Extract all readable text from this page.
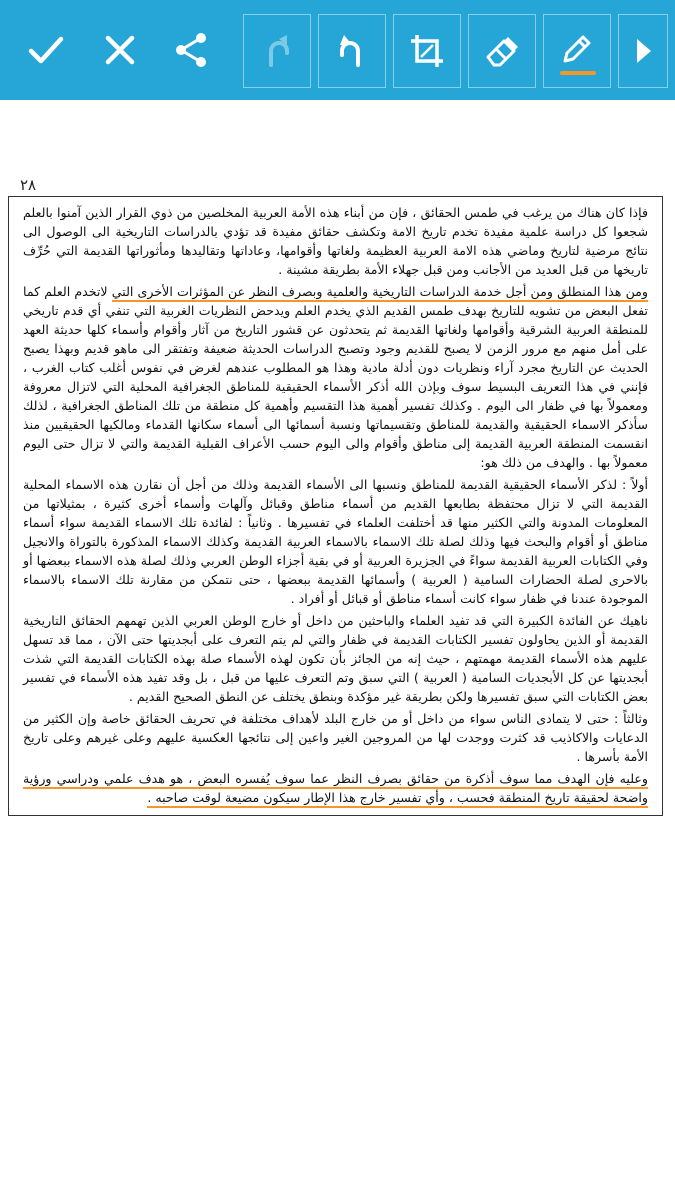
٢٨

فإذا كان هناك من يرغب في طمس الحقائق ، فإن من أبناء هذه الأمة العربية المخلصين من ذوي القرار الذين آمنوا بالعلم شجعوا كل دراسة علمية مفيدة تخدم تاريخ الامة وتكشف حقائق مفيدة قد تؤدي بالدراسات التاريخية الى الوصول الى نتائج مرضية لتاريخ وماضي هذه الامة العربية العظيمة ولغاتها وأقوامها، وعاداتها وتقاليدها ومأثوراتها القديمة التي حُرِّف تاريخها من قبل العديد من الأجانب ومن قبل جهلاء الأمة بطريقة مشينة .

ومن هذا المنطلق ومن أجل خدمة الدراسات التاريخية والعلمية وبصرف النظر عن المؤثرات الأخرى التي لاتخدم العلم كما تفعل البعض من تشويه للتاريخ بهدف طمس القديم الذي يخدم العلم ويدحض النظريات الغربية التي تنفي أي قدم تاريخي للمنطقة العربية الشرقية وأقوامها ولغاتها القديمة ثم يتحدثون عن قشور التاريخ من آثار وأقوام وأسماء كلها حديثة العهد على أمل منهم مع مرور الزمن لا يصبح للقديم وجود وتصبح الدراسات الحديثة ضعيفة وتفتقر الى ماهو قديم وبهذا يصبح الحديث عن التاريخ مجرد آراء ونظريات دون أدلة مادية وهذا هو المطلوب عندهم لغرض في نفوس أغلب كتاب الغرب ، فإنني في هذا التعريف البسيط سوف وبإذن الله أذكر الأسماء الحقيقية للمناطق الجغرافية المحلية التي لاتزال معروفة ومعمولاً بها في ظفار الى اليوم . وكذلك تفسير أهمية هذا التقسيم وأهمية كل منطقة من تلك المناطق الجغرافية ، لذلك سأذكر الاسماء الحقيقية والقديمة للمناطق وتقسيماتها ونسبة أسمائها الى أسماء سكانها القدماء ومالكيها الحقيقيين منذ انقسمت المنطقة العربية القديمة إلى مناطق وأقوام والى اليوم حسب الأعراف القبلية القديمة والتي لا تزال حتى اليوم معمولاً بها . والهدف من ذلك هو:

أولاً : لذكر الأسماء الحقيقية القديمة للمناطق ونسبها الى الأسماء القديمة وذلك من أجل أن نقارن هذه الاسماء المحلية القديمة التي لا تزال محتفظة بطابعها القديم من أسماء مناطق وقبائل وآلهات وأسماء أخرى كثيرة ، بمثيلاتها من المعلومات المدونة والتي الكثير منها قد أختلفت العلماء في تفسيرها . وثانياً : لفائدة تلك الاسماء القديمة سواء أسماء مناطق أو أقوام والبحث فيها وذلك لصلة تلك الاسماء بالاسماء العربية القديمة وكذلك الاسماء المذكورة بالتوراة والانجيل وفي الكتابات العربية القديمة سواءً في الجزيرة العربية أو في بقية أجزاء الوطن العربي وذلك لصلة هذه الاسماء ببعضها أو بالاحرى لصلة الحضارات السامية ( العربية ) وأسمائها القديمة ببعضها ، حتى نتمكن من مقارنة تلك الاسماء بالاسماء الموجودة عندنا في ظفار سواء كانت أسماء مناطق أو قبائل أو أفراد .

ناهيك عن الفائدة الكبيرة التي قد تفيد العلماء والباحثين من داخل أو خارج الوطن العربي الذين تهمهم الحقائق التاريخية القديمة أو الذين يحاولون تفسير الكتابات القديمة في ظفار والتي لم يتم التعرف على أبجديتها حتى الآن ، مما قد تسهل عليهم هذه الأسماء القديمة مهمتهم ، حيث إنه من الجائز بأن تكون لهذه الأسماء صلة بهذه الكتابات القديمة التي شذت أبجديتها عن كل الأبجديات السامية ( العربية ) التي سبق وتم التعرف عليها من قبل ، بل وقد تفيد هذه الأسماء في تفسير بعض الكتابات التي سبق تفسيرها ولكن بطريقة غير مؤكدة وبنطق يختلف عن النطق الصحيح القديم .

وثالثاً : حتى لا يتمادى الناس سواء من داخل أو من خارج البلد لأهداف مختلفة في تحريف الحقائق خاصة وإن الكثير من الدعايات والاكاذيب قد كثرت ووجدت لها من المروجين الغير واعين إلى نتائجها العكسية عليهم وعلى غيرهم وعلى تاريخ الأمة بأسرها .

وعليه فإن الهدف مما سوف أذكرة من حقائق بصرف النظر عما سوف يُفسره البعض ، هو هدف علمي ودراسي ورؤية واضحة لحقيقة تاريخ المنطقة فحسب ، وأي تفسير خارج هذا الإطار سيكون مضيعة لوقت صاحبه .
